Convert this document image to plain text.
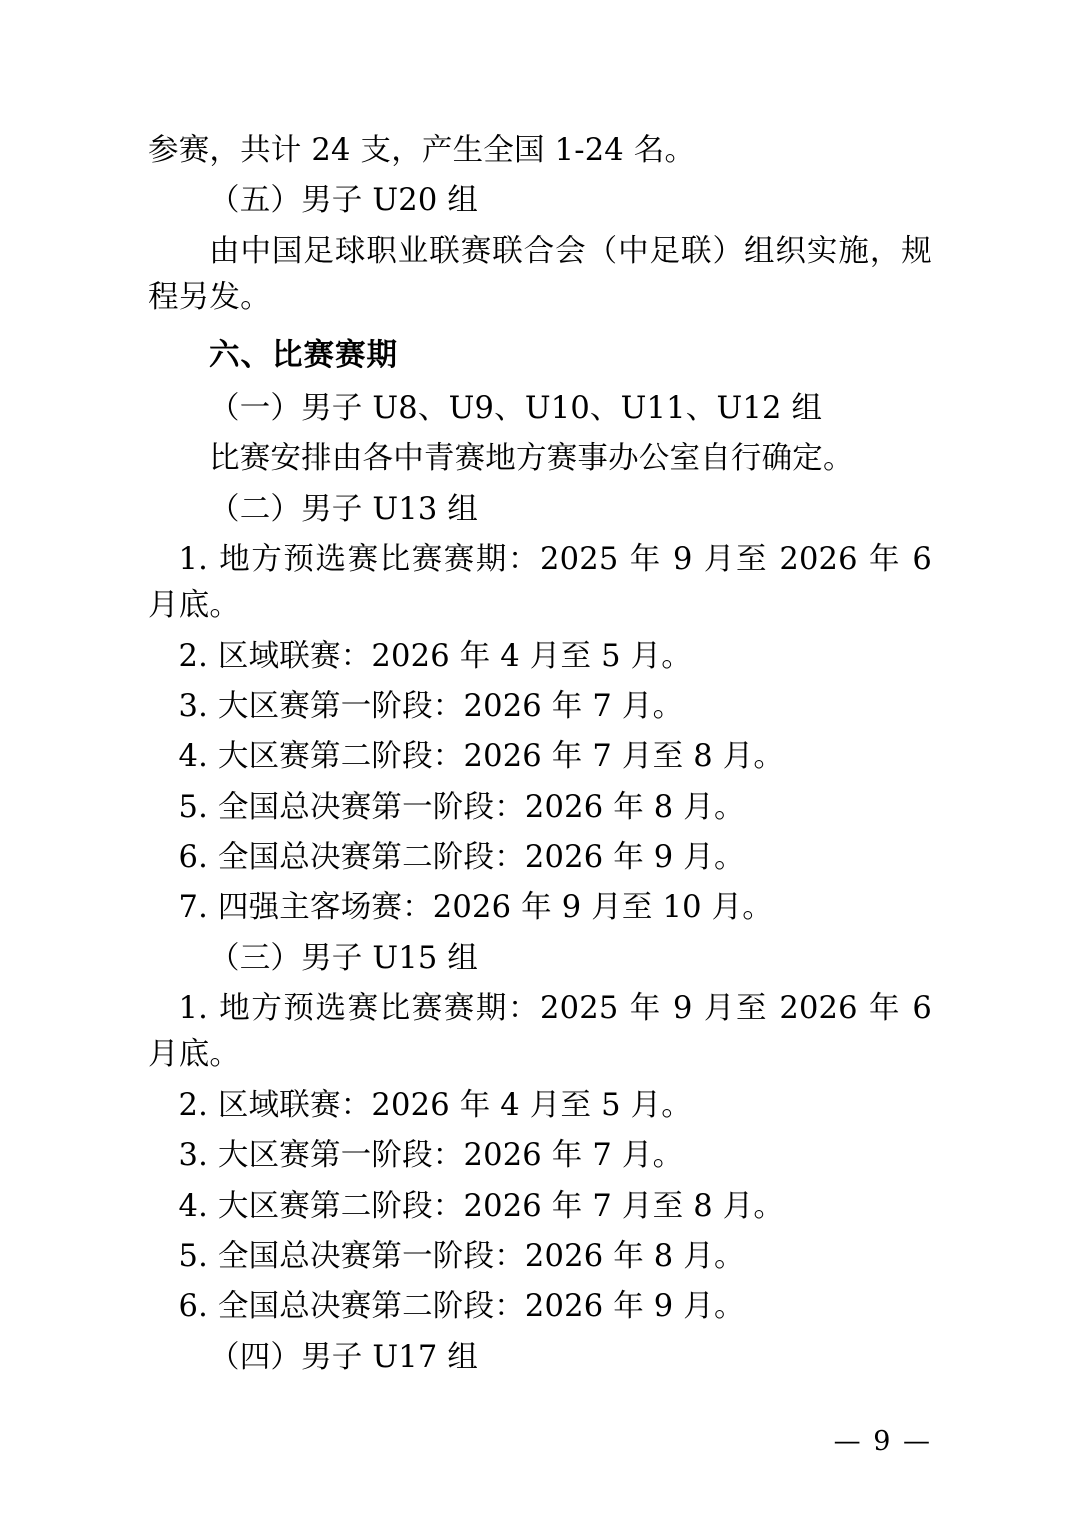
参赛，共计 24 支，产生全国 1-24 名。

（五）男子 U20 组

由中国足球职业联赛联合会（中足联）组织实施，规程另发。

六、比赛赛期

（一）男子 U8、U9、U10、U11、U12 组

比赛安排由各中青赛地方赛事办公室自行确定。

（二）男子 U13 组

1. 地方预选赛比赛赛期：2025 年 9 月至 2026 年 6 月底。

2. 区域联赛：2026 年 4 月至 5 月。

3. 大区赛第一阶段：2026 年 7 月。

4. 大区赛第二阶段：2026 年 7 月至 8 月。

5. 全国总决赛第一阶段：2026 年 8 月。

6. 全国总决赛第二阶段：2026 年 9 月。

7. 四强主客场赛：2026 年 9 月至 10 月。

（三）男子 U15 组

1. 地方预选赛比赛赛期：2025 年 9 月至 2026 年 6 月底。

2. 区域联赛：2026 年 4 月至 5 月。

3. 大区赛第一阶段：2026 年 7 月。

4. 大区赛第二阶段：2026 年 7 月至 8 月。

5. 全国总决赛第一阶段：2026 年 8 月。

6. 全国总决赛第二阶段：2026 年 9 月。

（四）男子 U17 组

— 9 —
